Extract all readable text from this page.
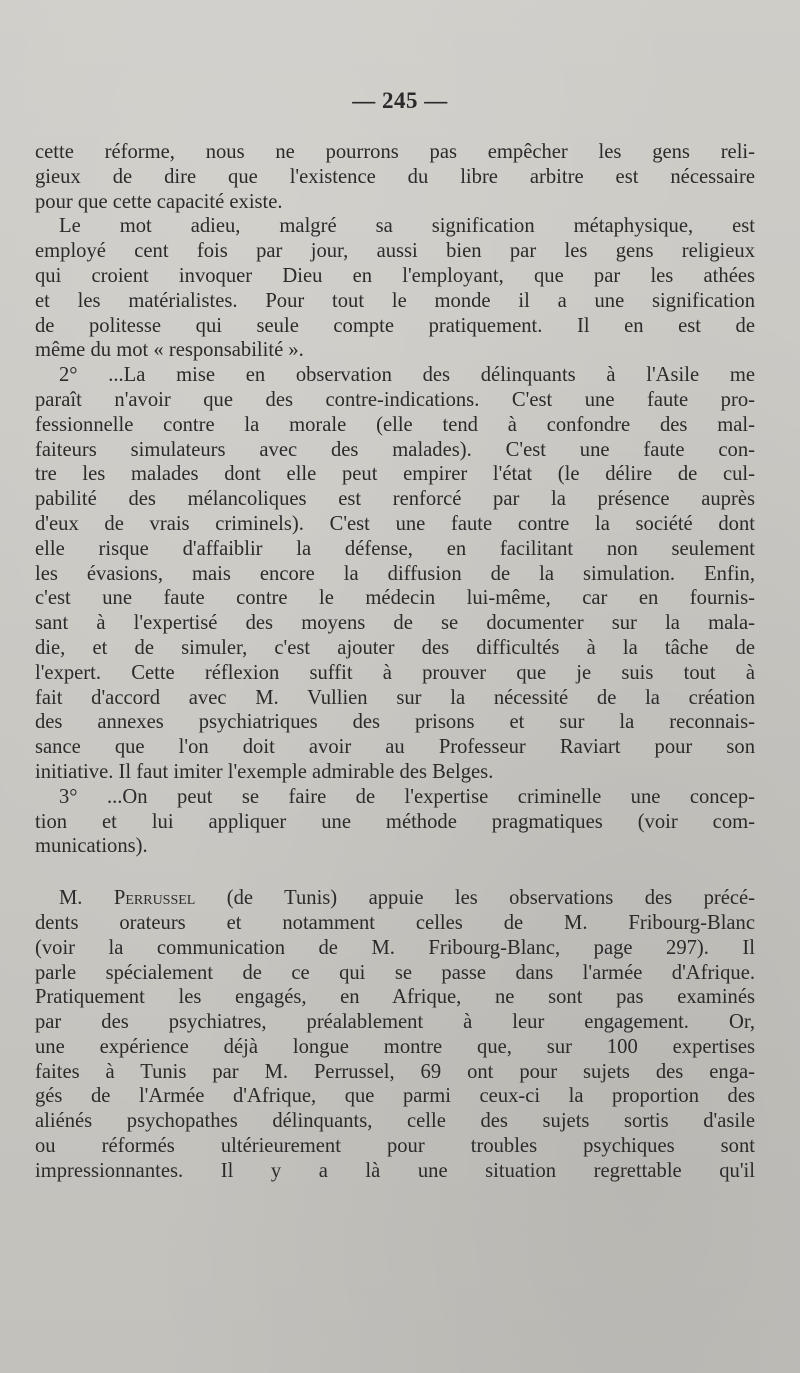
— 245 —
cette réforme, nous ne pourrons pas empêcher les gens reli-
gieux de dire que l'existence du libre arbitre est nécessaire
pour que cette capacité existe.
Le mot adieu, malgré sa signification métaphysique, est
employé cent fois par jour, aussi bien par les gens religieux
qui croient invoquer Dieu en l'employant, que par les athées
et les matérialistes. Pour tout le monde il a une signification
de politesse qui seule compte pratiquement. Il en est de
même du mot « responsabilité ».
2° ...La mise en observation des délinquants à l'Asile me
paraît n'avoir que des contre-indications. C'est une faute pro-
fessionnelle contre la morale (elle tend à confondre des mal-
faiteurs simulateurs avec des malades). C'est une faute con-
tre les malades dont elle peut empirer l'état (le délire de cul-
pabilité des mélancoliques est renforcé par la présence auprès
d'eux de vrais criminels). C'est une faute contre la société dont
elle risque d'affaiblir la défense, en facilitant non seulement
les évasions, mais encore la diffusion de la simulation. Enfin,
c'est une faute contre le médecin lui-même, car en fournis-
sant à l'expertisé des moyens de se documenter sur la mala-
die, et de simuler, c'est ajouter des difficultés à la tâche de
l'expert. Cette réflexion suffit à prouver que je suis tout à
fait d'accord avec M. Vullien sur la nécessité de la création
des annexes psychiatriques des prisons et sur la reconnais-
sance que l'on doit avoir au Professeur Raviart pour son
initiative. Il faut imiter l'exemple admirable des Belges.
3° ...On peut se faire de l'expertise criminelle une concep-
tion et lui appliquer une méthode pragmatiques (voir com-
munications).
M. Perrussel (de Tunis) appuie les observations des précé-
dents orateurs et notamment celles de M. Fribourg-Blanc
(voir la communication de M. Fribourg-Blanc, page 297). Il
parle spécialement de ce qui se passe dans l'armée d'Afrique.
Pratiquement les engagés, en Afrique, ne sont pas examinés
par des psychiatres, préalablement à leur engagement. Or,
une expérience déjà longue montre que, sur 100 expertises
faites à Tunis par M. Perrussel, 69 ont pour sujets des enga-
gés de l'Armée d'Afrique, que parmi ceux-ci la proportion des
aliénés psychopathes délinquants, celle des sujets sortis d'asile
ou réformés ultérieurement pour troubles psychiques sont
impressionnantes. Il y a là une situation regrettable qu'il
